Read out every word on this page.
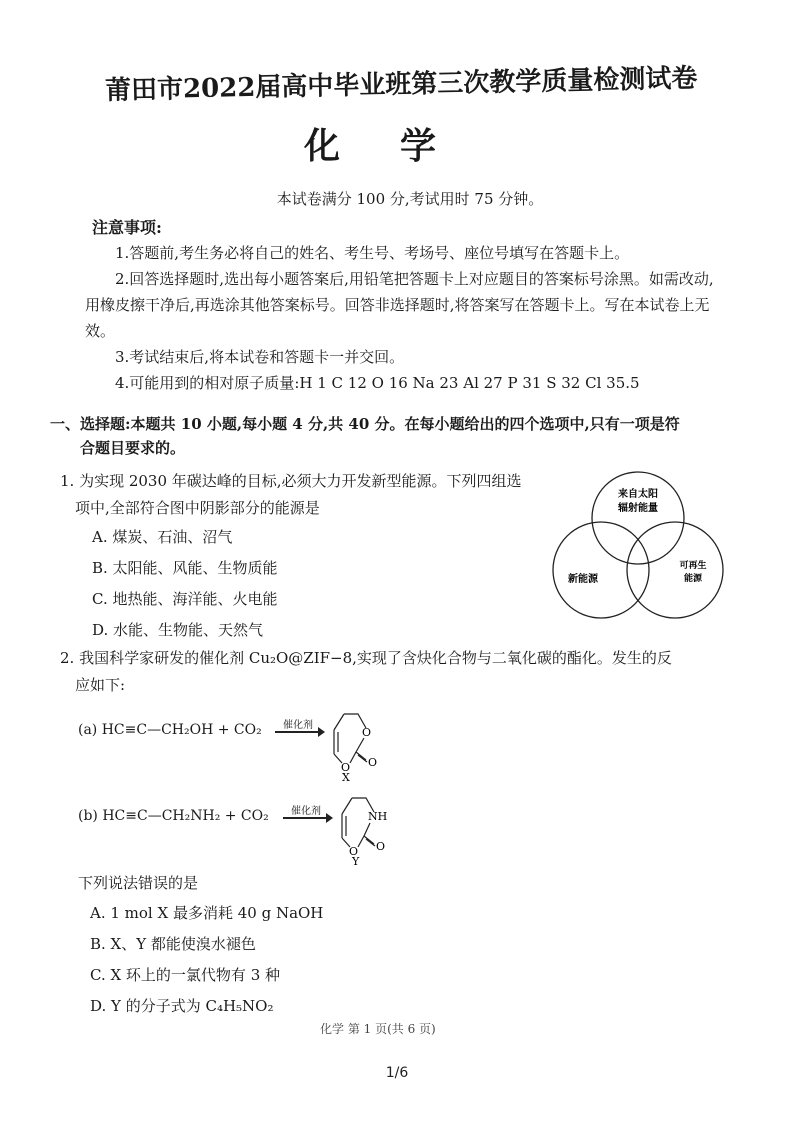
莆田市2022届高中毕业班第三次教学质量检测试卷
化学
本试卷满分 100 分,考试用时 75 分钟。
注意事项:

1.答题前,考生务必将自己的姓名、考生号、考场号、座位号填写在答题卡上。

2.回答选择题时,选出每小题答案后,用铅笔把答题卡上对应题目的答案标号涂黑。如需改动,用橡皮擦干净后,再选涂其他答案标号。回答非选择题时,将答案写在答题卡上。写在本试卷上无效。

3.考试结束后,将本试卷和答题卡一并交回。

4.可能用到的相对原子质量:H 1 C 12 O 16 Na 23 Al 27 P 31 S 32 Cl 35.5

一、选择题:本题共 10 小题,每小题 4 分,共 40 分。在每小题给出的四个选项中,只有一项是符
合题目要求的。
1. 为实现 2030 年碳达峰的目标,必须大力开发新型能源。下列四组选
项中,全部符合图中阴影部分的能源是
A. 煤炭、石油、沼气
B. 太阳能、风能、生物质能
C. 地热能、海洋能、火电能
D. 水能、生物能、天然气
来自太阳
辐射能量
新能源
可再生
能源
2. 我国科学家研发的催化剂 Cu₂O@ZIF−8,实现了含炔化合物与二氧化碳的酯化。发生的反
应如下:
(a) HC≡C—CH₂OH + CO₂ 催化剂
O
O O
X
(b) HC≡C—CH₂NH₂ + CO₂ 催化剂	NH
O O
Y
下列说法错误的是
A. 1 mol X 最多消耗 40 g NaOH
B. X、Y 都能使溴水褪色
C. X 环上的一氯代物有 3 种
D. Y 的分子式为 C₄H₅NO₂
化学 第 1 页(共 6 页)
1/6
